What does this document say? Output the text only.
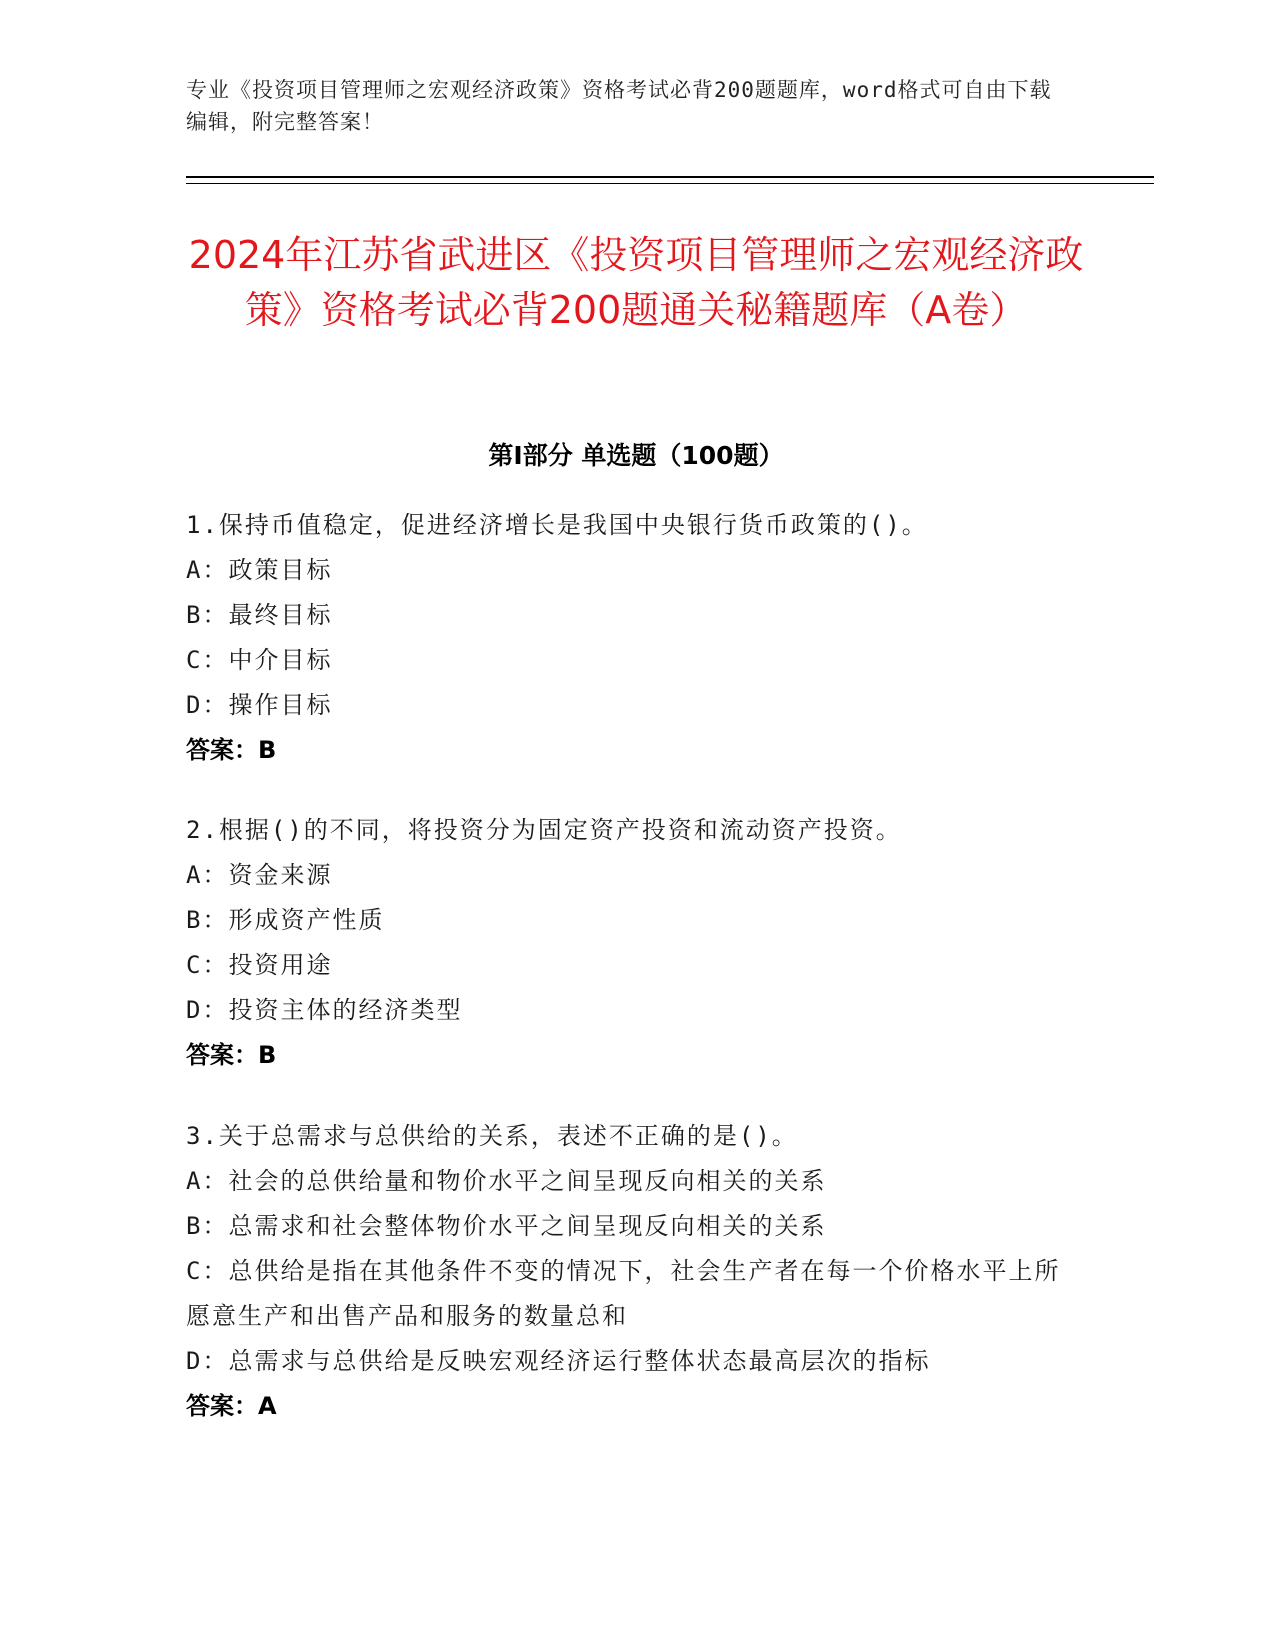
专业《投资项目管理师之宏观经济政策》资格考试必背200题题库，word格式可自由下载编辑，附完整答案！
2024年江苏省武进区《投资项目管理师之宏观经济政策》资格考试必背200题通关秘籍题库（A卷）
第Ⅰ部分 单选题（100题）

1.保持币值稳定，促进经济增长是我国中央银行货币政策的()。

A：政策目标

B：最终目标

C：中介目标

D：操作目标

答案：B

2.根据()的不同，将投资分为固定资产投资和流动资产投资。

A：资金来源

B：形成资产性质

C：投资用途

D：投资主体的经济类型

答案：B

3.关于总需求与总供给的关系，表述不正确的是()。

A：社会的总供给量和物价水平之间呈现反向相关的关系

B：总需求和社会整体物价水平之间呈现反向相关的关系

C：总供给是指在其他条件不变的情况下，社会生产者在每一个价格水平上所愿意生产和出售产品和服务的数量总和

D：总需求与总供给是反映宏观经济运行整体状态最高层次的指标

答案：A
